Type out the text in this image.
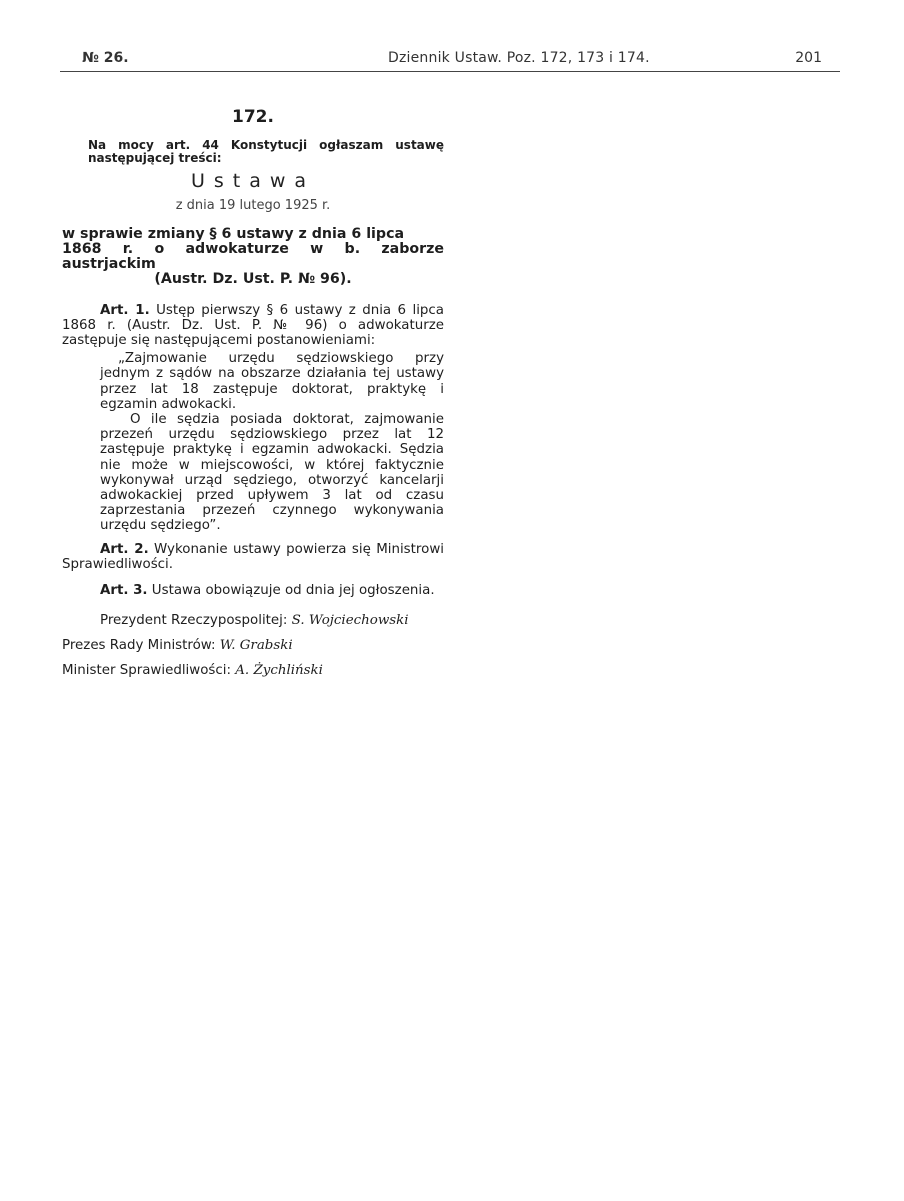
№ 26.	Dziennik Ustaw. Poz. 172, 173 i 174.	201
172.
Na mocy art. 44 Konstytucji ogłaszam ustawę następującej treści:
Ustawa
z dnia 19 lutego 1925 r.
w sprawie zmiany § 6 ustawy z dnia 6 lipca
1868 r. o adwokaturze w b. zaborze austrjackim
(Austr. Dz. Ust. P. № 96).

Art. 1. Ustęp pierwszy § 6 ustawy z dnia 6 lipca 1868 r. (Austr. Dz. Ust. P. № 96) o adwokaturze zastępuje się następującemi postanowieniami:

„Zajmowanie urzędu sędziowskiego przy jednym z sądów na obszarze działania tej ustawy przez lat 18 zastępuje doktorat, praktykę i egzamin adwokacki.

O ile sędzia posiada doktorat, zajmowanie przezeń urzędu sędziowskiego przez lat 12 zastępuje praktykę i egzamin adwokacki. Sędzia nie może w miejscowości, w której faktycznie wykonywał urząd sędziego, otworzyć kancelarji adwokackiej przed upływem 3 lat od czasu zaprzestania przezeń czynnego wykonywania urzędu sędziego”.

Art. 2. Wykonanie ustawy powierza się Ministrowi Sprawiedliwości.

Art. 3. Ustawa obowiązuje od dnia jej ogłoszenia.

Prezydent Rzeczypospolitej: S. Wojciechowski
Prezes Rady Ministrów: W. Grabski
Minister Sprawiedliwości: A. Żychliński
